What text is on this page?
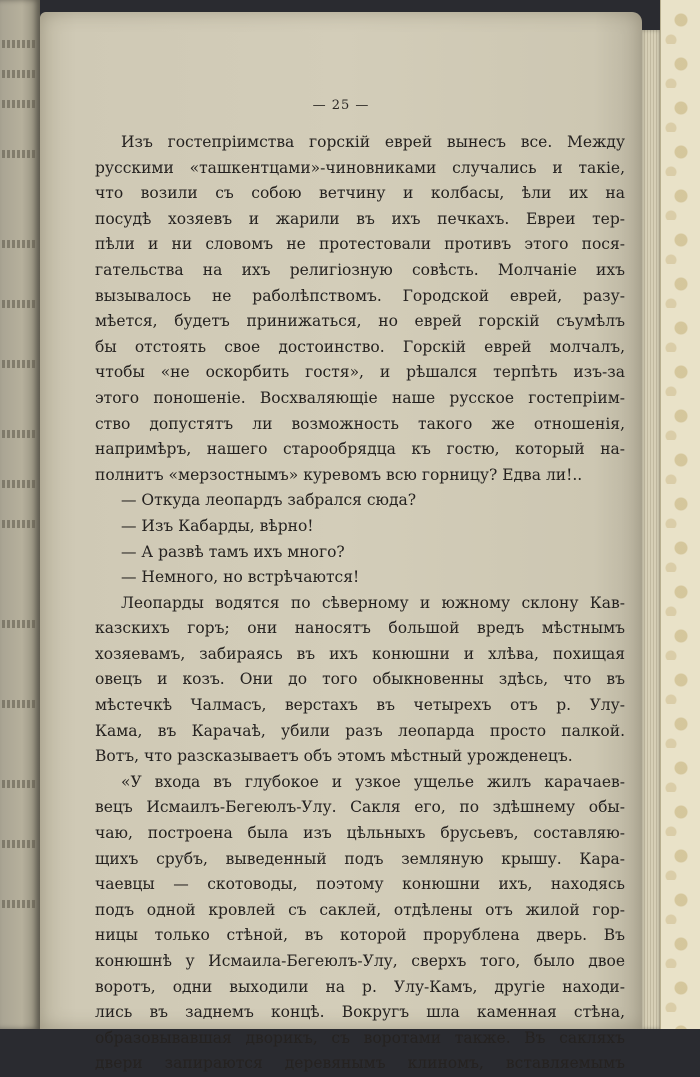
— 25 —
Изъ гостепріимства горскій еврей вынесъ все. Между
русскими «ташкентцами»-чиновниками случались и такіе,
что возили съ собою ветчину и колбасы, ѣли их на
посудѣ хозяевъ и жарили въ ихъ печкахъ. Евреи тер-
пѣли и ни словомъ не протестовали противъ этого пося-
гательства на ихъ религіозную совѣсть. Молчаніе ихъ
вызывалось не раболѣпствомъ. Городской еврей, разу-
мѣется, будетъ принижаться, но еврей горскій съумѣлъ
бы отстоять свое достоинство. Горскій еврей молчалъ,
чтобы «не оскорбить гостя», и рѣшался терпѣть изъ-за
этого поношеніе. Восхваляющіе наше русское гостепріим-
ство допустятъ ли возможность такого же отношенія,
напримѣръ, нашего старообрядца къ гостю, который на-
полнитъ «мерзостнымъ» куревомъ всю горницу? Едва ли!..
— Откуда леопардъ забрался сюда?
— Изъ Кабарды, вѣрно!
— А развѣ тамъ ихъ много?
— Немного, но встрѣчаются!
Леопарды водятся по сѣверному и южному склону Кав-
казскихъ горъ; они наносятъ большой вредъ мѣстнымъ
хозяевамъ, забираясь въ ихъ конюшни и хлѣва, похищая
овецъ и козъ. Они до того обыкновенны здѣсь, что въ
мѣстечкѣ Чалмасъ, верстахъ въ четырехъ отъ р. Улу-
Кама, въ Карачаѣ, убили разъ леопарда просто палкой.
Вотъ, что разсказываетъ объ этомъ мѣстный урожденецъ.
«У входа въ глубокое и узкое ущелье жилъ карачаев-
вецъ Исмаилъ-Бегеюлъ-Улу. Сакля его, по здѣшнему обы-
чаю, построена была изъ цѣльныхъ брусьевъ, составляю-
щихъ срубъ, выведенный подъ земляную крышу. Кара-
чаевцы — скотоводы, поэтому конюшни ихъ, находясь
подъ одной кровлей съ саклей, отдѣлены отъ жилой гор-
ницы только стѣной, въ которой прорублена дверь. Въ
конюшнѣ у Исмаила-Бегеюлъ-Улу, сверхъ того, было двое
воротъ, одни выходили на р. Улу-Камъ, другіе находи-
лись въ заднемъ концѣ. Вокругъ шла каменная стѣна,
образовывавшая дворикъ, съ воротами также. Въ сакляхъ
двери запираются деревянымъ клиномъ, вставляемымъ
